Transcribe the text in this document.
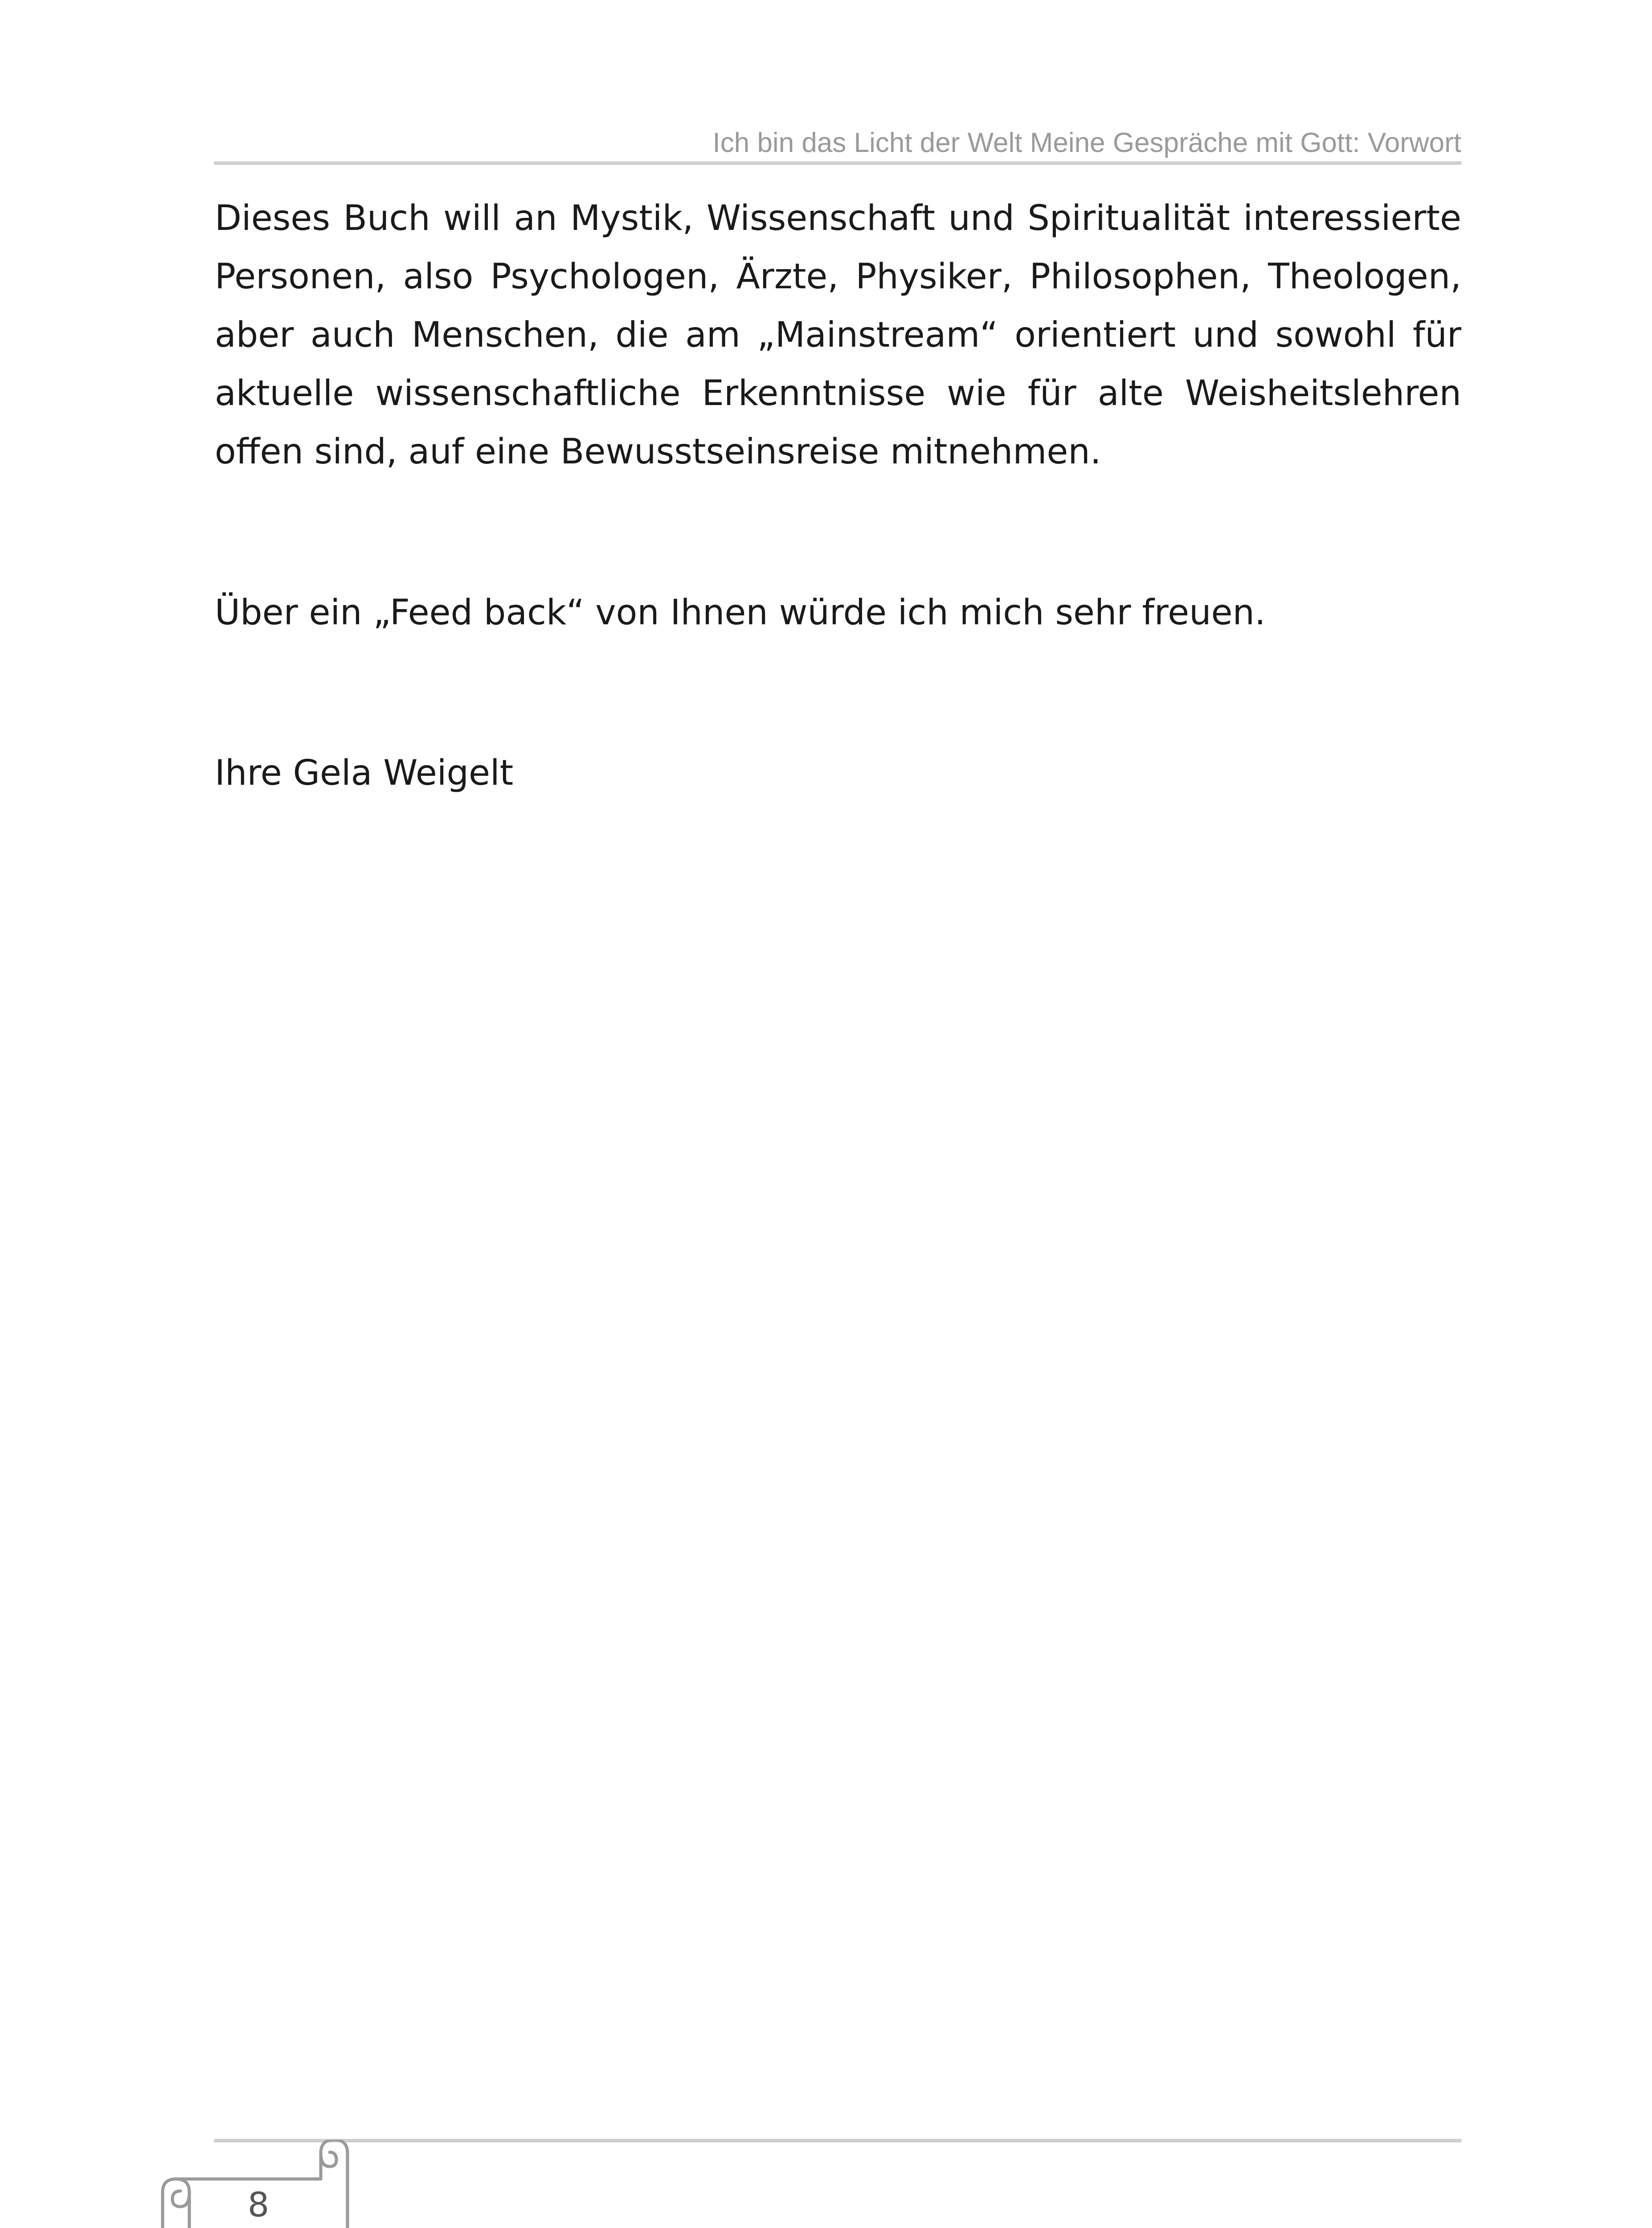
Ich bin das Licht der Welt Meine Gespräche mit Gott: Vorwort

Dieses Buch will an Mystik, Wissenschaft und Spiritualität interessierte Personen, also Psychologen, Ärzte, Physiker, Philosophen, Theologen, aber auch Menschen, die am „Mainstream“ orientiert und sowohl für aktuelle wissenschaftliche Erkenntnisse wie für alte Weisheitslehren offen sind, auf eine Bewusstseinsreise mitnehmen.

Über ein „Feed back“ von Ihnen würde ich mich sehr freuen.

Ihre Gela Weigelt

8
